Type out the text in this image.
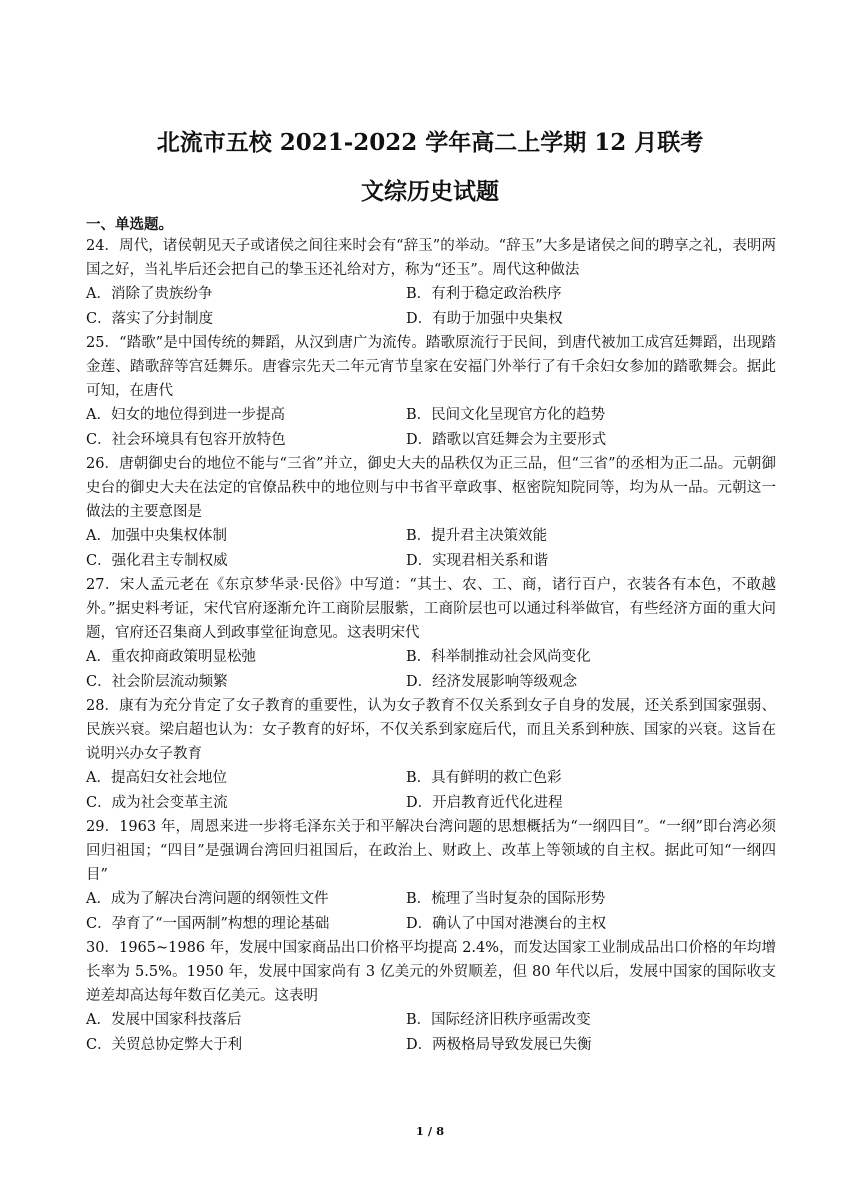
北流市五校 2021-2022 学年高二上学期 12 月联考
文综历史试题
一、单选题。

24．周代，诸侯朝见天子或诸侯之间往来时会有“辞玉”的举动。“辞玉”大多是诸侯之间的聘享之礼，表明两国之好，当礼毕后还会把自己的挚玉还礼给对方，称为“还玉”。周代这种做法

A．消除了贵族纷争	B．有利于稳定政治秩序
C．落实了分封制度	D．有助于加强中央集权

25．“踏歌”是中国传统的舞蹈，从汉到唐广为流传。踏歌原流行于民间，到唐代被加工成宫廷舞蹈，出现踏金莲、踏歌辞等宫廷舞乐。唐睿宗先天二年元宵节皇家在安福门外举行了有千余妇女参加的踏歌舞会。据此可知，在唐代

A．妇女的地位得到进一步提高	B．民间文化呈现官方化的趋势
C．社会环境具有包容开放特色	D．踏歌以宫廷舞会为主要形式

26．唐朝御史台的地位不能与“三省”并立，御史大夫的品秩仅为正三品，但“三省”的丞相为正二品。元朝御史台的御史大夫在法定的官僚品秩中的地位则与中书省平章政事、枢密院知院同等，均为从一品。元朝这一做法的主要意图是

A．加强中央集权体制	B．提升君主决策效能
C．强化君主专制权威	D．实现君相关系和谐

27．宋人孟元老在《东京梦华录·民俗》中写道：“其士、农、工、商，诸行百户，衣装各有本色，不敢越外。”据史料考证，宋代官府逐渐允许工商阶层服紫，工商阶层也可以通过科举做官，有些经济方面的重大问题，官府还召集商人到政事堂征询意见。这表明宋代

A．重农抑商政策明显松弛	B．科举制推动社会风尚变化
C．社会阶层流动频繁	D．经济发展影响等级观念

28．康有为充分肯定了女子教育的重要性，认为女子教育不仅关系到女子自身的发展，还关系到国家强弱、民族兴衰。梁启超也认为：女子教育的好坏，不仅关系到家庭后代，而且关系到种族、国家的兴衰。这旨在说明兴办女子教育

A．提高妇女社会地位	B．具有鲜明的救亡色彩
C．成为社会变革主流	D．开启教育近代化进程

29．1963 年，周恩来进一步将毛泽东关于和平解决台湾问题的思想概括为“一纲四目”。“一纲”即台湾必须回归祖国；“四目”是强调台湾回归祖国后，在政治上、财政上、改革上等领域的自主权。据此可知“一纲四目”

A．成为了解决台湾问题的纲领性文件	B．梳理了当时复杂的国际形势
C．孕育了“一国两制”构想的理论基础	D．确认了中国对港澳台的主权

30．1965~1986 年，发展中国家商品出口价格平均提高 2.4%，而发达国家工业制成品出口价格的年均增长率为 5.5%。1950 年，发展中国家尚有 3 亿美元的外贸顺差，但 80 年代以后，发展中国家的国际收支逆差却高达每年数百亿美元。这表明

A．发展中国家科技落后	B．国际经济旧秩序亟需改变
C．关贸总协定弊大于利	D．两极格局导致发展已失衡
1 / 8
